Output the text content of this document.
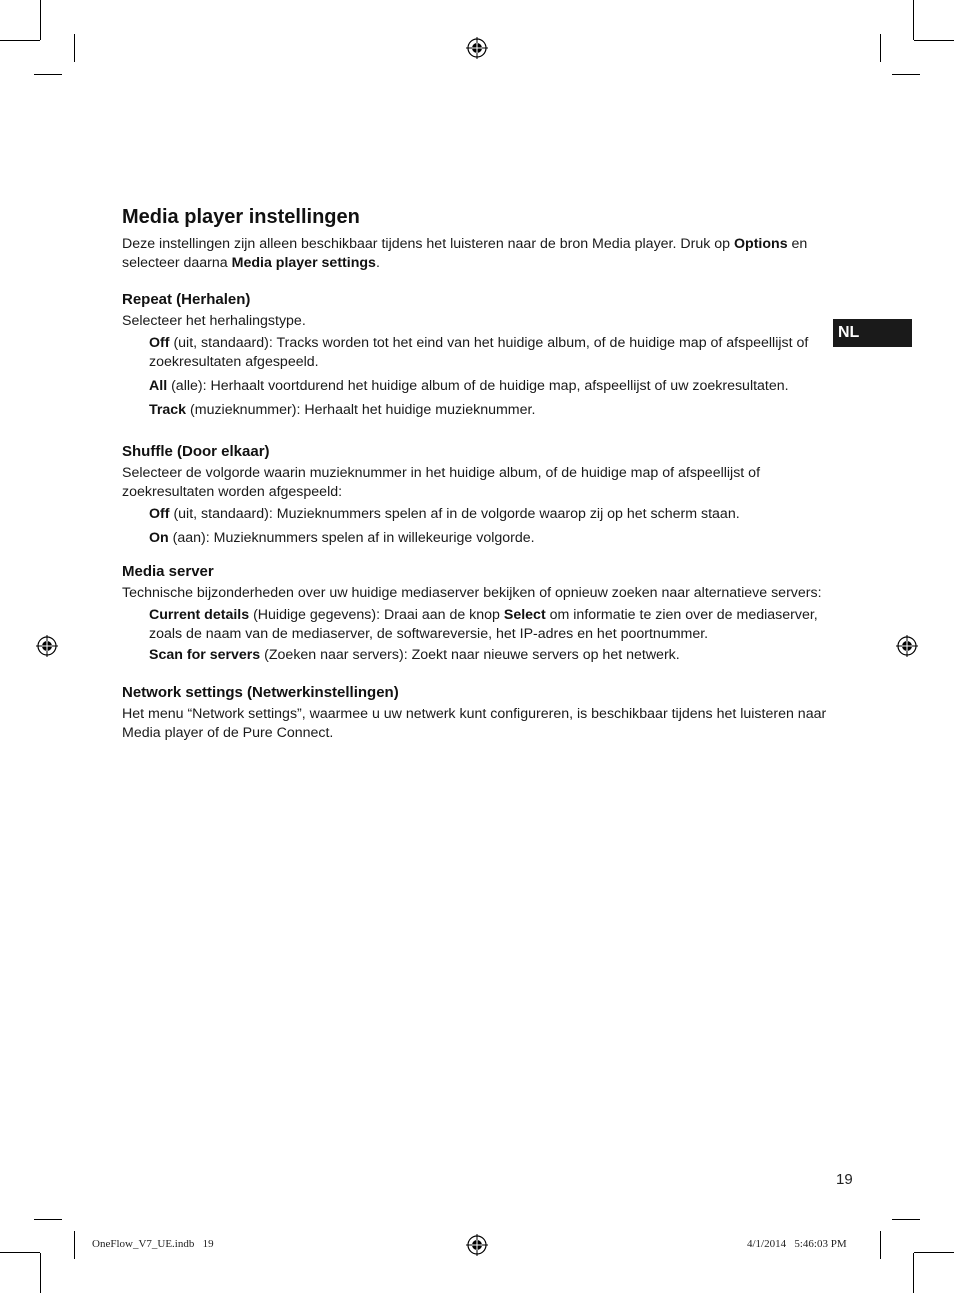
NL
Media player instellingen

Deze instellingen zijn alleen beschikbaar tijdens het luisteren naar de bron Media player. Druk op Options en selecteer daarna Media player settings.

Repeat (Herhalen)

Selecteer het herhalingstype.

Off (uit, standaard): Tracks worden tot het eind van het huidige album, of de huidige map of afspeellijst of zoekresultaten afgespeeld.
All (alle): Herhaalt voortdurend het huidige album of de huidige map, afspeellijst of uw zoekresultaten.
Track (muzieknummer): Herhaalt het huidige muzieknummer.
Shuffle (Door elkaar)

Selecteer de volgorde waarin muzieknummer in het huidige album, of de huidige map of afspeellijst of zoekresultaten worden afgespeeld:

Off (uit, standaard): Muzieknummers spelen af in de volgorde waarop zij op het scherm staan.
On (aan): Muzieknummers spelen af in willekeurige volgorde.
Media server

Technische bijzonderheden over uw huidige mediaserver bekijken of opnieuw zoeken naar alternatieve servers:

Current details (Huidige gegevens): Draai aan de knop Select om informatie te zien over de mediaserver, zoals de naam van de mediaserver, de softwareversie, het IP-adres en het poortnummer.
Scan for servers (Zoeken naar servers): Zoekt naar nieuwe servers op het netwerk.
Network settings (Netwerkinstellingen)

Het menu “Network settings”, waarmee u uw netwerk kunt configureren, is beschikbaar tijdens het luisteren naar Media player of de Pure Connect.

19
OneFlow_V7_UE.indb   19	4/1/2014   5:46:03 PM
